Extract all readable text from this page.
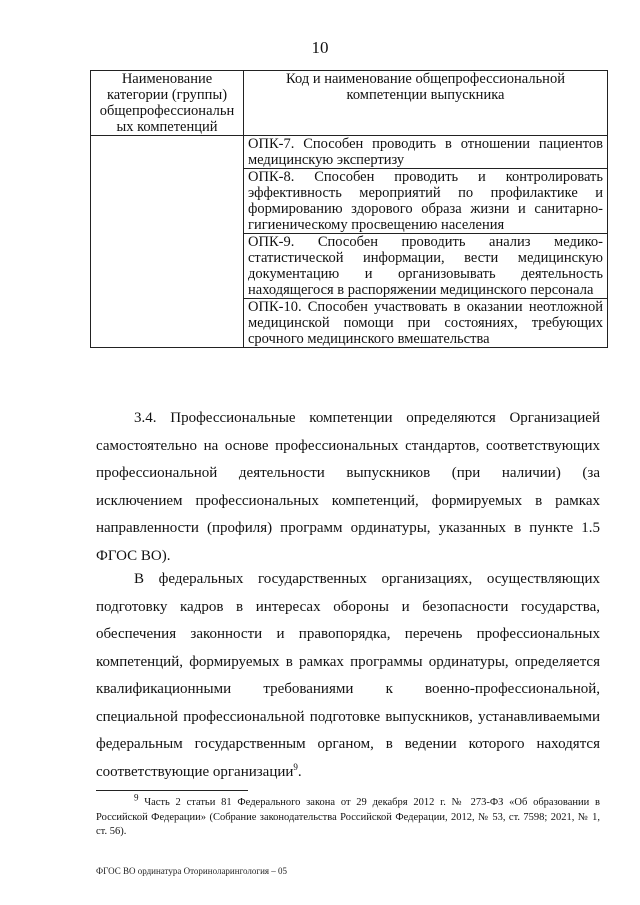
10
Наименование категории (группы) общепрофессиональн ых компетенций	Код и наименование общепрофессиональной компетенции выпускника
	ОПК-7. Способен проводить в отношении пациентов медицинскую экспертизу
	ОПК-8. Способен проводить и контролировать эффективность мероприятий по профилактике и формированию здорового образа жизни и санитарно-гигиеническому просвещению населения
	ОПК-9. Способен проводить анализ медико-статистической информации, вести медицинскую документацию и организовывать деятельность находящегося в распоряжении медицинского персонала
	ОПК-10. Способен участвовать в оказании неотложной медицинской помощи при состояниях, требующих срочного медицинского вмешательства

3.4. Профессиональные компетенции определяются Организацией самостоятельно на основе профессиональных стандартов, соответствующих профессиональной деятельности выпускников (при наличии) (за исключением профессиональных компетенций, формируемых в рамках направленности (профиля) программ ординатуры, указанных в пункте 1.5 ФГОС ВО).

В федеральных государственных организациях, осуществляющих подготовку кадров в интересах обороны и безопасности государства, обеспечения законности и правопорядка, перечень профессиональных компетенций, формируемых в рамках программы ординатуры, определяется квалификационными требованиями к военно-профессиональной, специальной профессиональной подготовке выпускников, устанавливаемыми федеральным государственным органом, в ведении которого находятся соответствующие организации$^9$.

$^9$ Часть 2 статьи 81 Федерального закона от 29 декабря 2012 г. № 273-ФЗ «Об образовании в Российской Федерации» (Собрание законодательства Российской Федерации, 2012, № 53, ст. 7598; 2021, № 1, ст. 56).

ФГОС ВО ординатура Оториноларингология – 05
